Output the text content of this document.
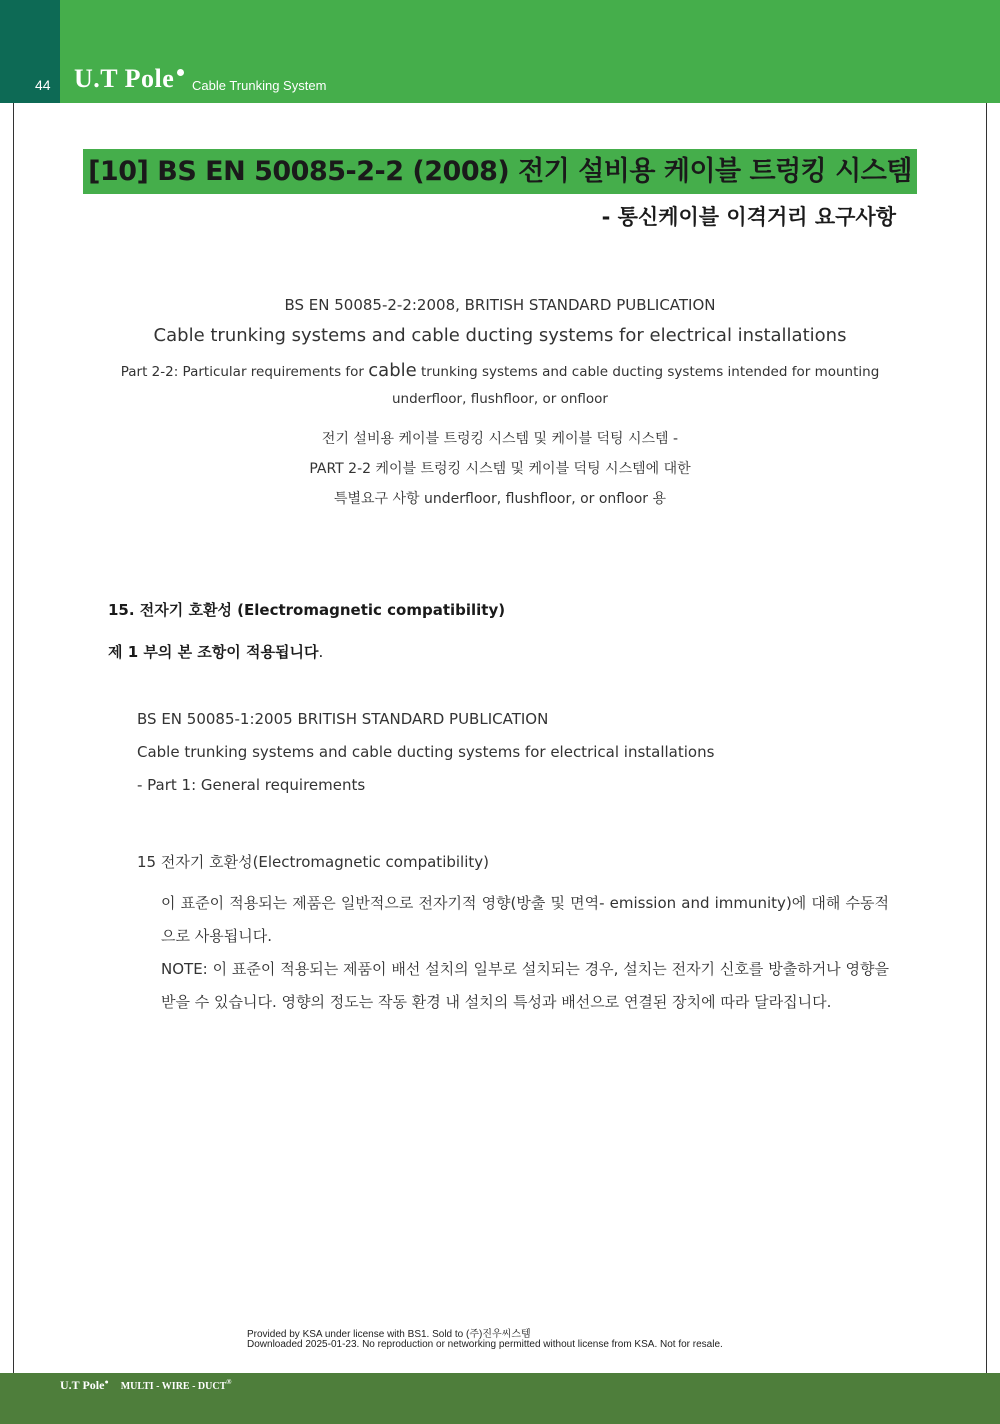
44 U.T Pole Cable Trunking System
[10] BS EN 50085-2-2 (2008) 전기 설비용 케이블 트렁킹 시스템
- 통신케이블 이격거리 요구사항
BS EN 50085-2-2:2008, BRITISH STANDARD PUBLICATION
Cable trunking systems and cable ducting systems for electrical installations
Part 2-2: Particular requirements for cable trunking systems and cable ducting systems intended for mounting
underfloor, flushfloor, or onfloor
전기 설비용 케이블 트렁킹 시스템 및 케이블 덕팅 시스템 -
PART 2-2 케이블 트렁킹 시스템 및 케이블 덕팅 시스템에 대한
특별요구 사항 underfloor, flushfloor, or onfloor 용
15. 전자기 호환성 (Electromagnetic compatibility)
제 1 부의 본 조항이 적용됩니다.
BS EN 50085-1:2005 BRITISH STANDARD PUBLICATION
Cable trunking systems and cable ducting systems for electrical installations
- Part 1: General requirements
15 전자기 호환성(Electromagnetic compatibility)
이 표준이 적용되는 제품은 일반적으로 전자기적 영향(방출 및 면역- emission and immunity)에 대해 수동적으로 사용됩니다.
NOTE: 이 표준이 적용되는 제품이 배선 설치의 일부로 설치되는 경우, 설치는 전자기 신호를 방출하거나 영향을 받을 수 있습니다. 영향의 정도는 작동 환경 내 설치의 특성과 배선으로 연결된 장치에 따라 달라집니다.
Provided by KSA under license with BS1. Sold to (주)진우씨스템
Downloaded 2025-01-23. No reproduction or networking permitted without license from KSA. Not for resale.
U.T Pole● MULTI - WIRE - DUCT®
